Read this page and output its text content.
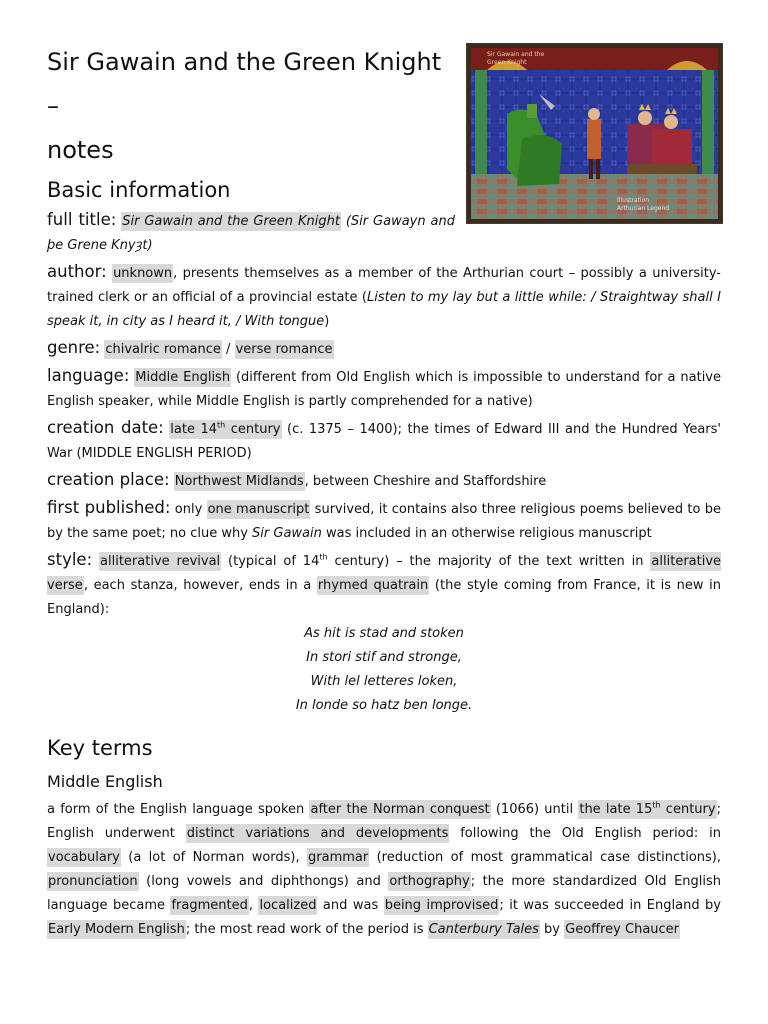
Sir Gawain and the
Green Knight
Illustration
Arthurian Legend
Sir Gawain and the Green Knight –
notes
Basic information

full title: Sir Gawain and the Green Knight (Sir Gawayn and þe Grene Knyȝt)

author: unknown, presents themselves as a member of the Arthurian court – possibly a university-trained clerk or an official of a provincial estate (Listen to my lay but a little while: / Straightway shall I speak it, in city as I heard it, / With tongue)

genre: chivalric romance / verse romance

language: Middle English (different from Old English which is impossible to understand for a native English speaker, while Middle English is partly comprehended for a native)

creation date: late 14th century (c. 1375 – 1400); the times of Edward III and the Hundred Years' War (MIDDLE ENGLISH PERIOD)

creation place: Northwest Midlands, between Cheshire and Staffordshire

first published: only one manuscript survived, it contains also three religious poems believed to be by the same poet; no clue why Sir Gawain was included in an otherwise religious manuscript

style: alliterative revival (typical of 14th century) – the majority of the text written in alliterative verse, each stanza, however, ends in a rhymed quatrain (the style coming from France, it is new in England):

As hit is stad and stoken

In stori stif and stronge,

With lel letteres loken,

In londe so hatz ben longe.

Key terms
Middle English

a form of the English language spoken after the Norman conquest (1066) until the late 15th century; English underwent distinct variations and developments following the Old English period: in vocabulary (a lot of Norman words), grammar (reduction of most grammatical case distinctions), pronunciation (long vowels and diphthongs) and orthography; the more standardized Old English language became fragmented, localized and was being improvised; it was succeeded in England by Early Modern English; the most read work of the period is Canterbury Tales by Geoffrey Chaucer
